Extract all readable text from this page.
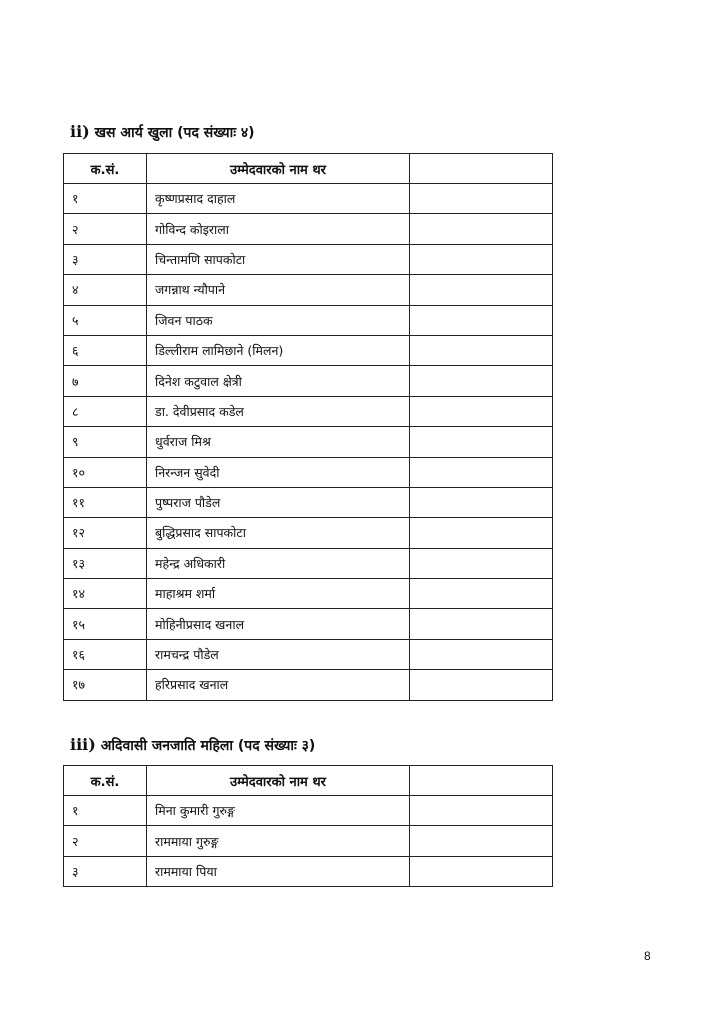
ii) खस आर्य खुला (पद संख्याः ४)
क.सं.	उम्मेदवारको नाम थर	
१	कृष्णप्रसाद दाहाल	
२	गोविन्द कोइराला	
३	चिन्तामणि सापकोटा	
४	जगन्नाथ न्यौपाने	
५	जिवन पाठक	
६	डिल्लीराम लामिछाने (मिलन)	
७	दिनेश कटुवाल क्षेत्री	
८	डा. देवीप्रसाद कडेल	
९	धुर्वराज मिश्र	
१०	निरन्जन सुवेदी	
११	पुष्पराज पौडेल	
१२	बुद्धिप्रसाद सापकोटा	
१३	महेन्द्र अधिकारी	
१४	माहाश्रम शर्मा	
१५	मोहिनीप्रसाद खनाल	
१६	रामचन्द्र पौडेल	
१७	हरिप्रसाद खनाल	
iii) अदिवासी जनजाति महिला (पद संख्याः ३)
क.सं.	उम्मेदवारको नाम थर	
१	मिना कुमारी गुरुङ्ग	
२	राममाया गुरुङ्ग	
३	राममाया पिया	
8
